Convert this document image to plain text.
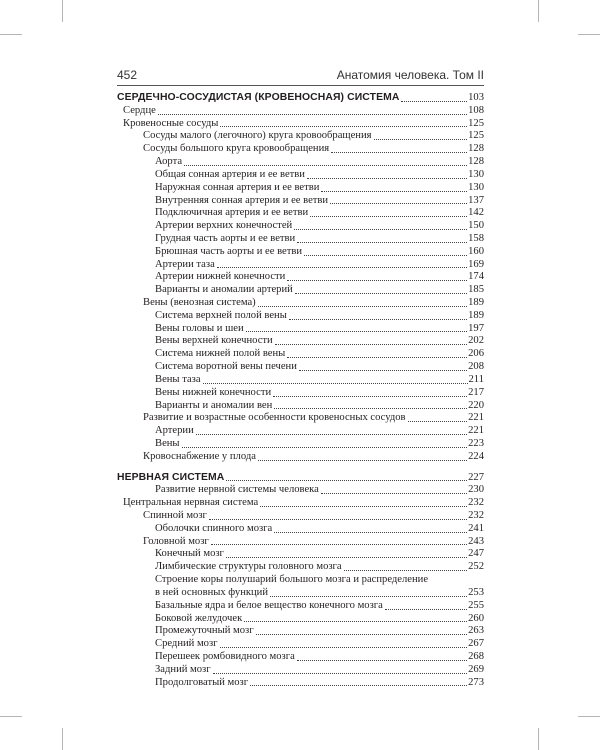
452	Анатомия человека. Том II
СЕРДЕЧНО-СОСУДИСТАЯ (КРОВЕНОСНАЯ) СИСТЕМА	103
Сердце	108
Кровеносные сосуды	125
Сосуды малого (легочного) круга кровообращения	125
Сосуды большого круга кровообращения	128
Аорта	128
Общая сонная артерия и ее ветви	130
Наружная сонная артерия и ее ветви	130
Внутренняя сонная артерия и ее ветви	137
Подключичная артерия и ее ветви	142
Артерии верхних конечностей	150
Грудная часть аорты и ее ветви	158
Брюшная часть аорты и ее ветви	160
Артерии таза	169
Артерии нижней конечности	174
Варианты и аномалии артерий	185
Вены (венозная система)	189
Система верхней полой вены	189
Вены головы и шеи	197
Вены верхней конечности	202
Система нижней полой вены	206
Система воротной вены печени	208
Вены таза	211
Вены нижней конечности	217
Варианты и аномалии вен	220
Развитие и возрастные особенности кровеносных сосудов	221
Артерии	221
Вены	223
Кровоснабжение у плода	224
НЕРВНАЯ СИСТЕМА	227
Развитие нервной системы человека	230
Центральная нервная система	232
Спинной мозг	232
Оболочки спинного мозга	241
Головной мозг	243
Конечный мозг	247
Лимбические структуры головного мозга	252
Строение коры полушарий большого мозга и распределение
в ней основных функций	253
Базальные ядра и белое вещество конечного мозга	255
Боковой желудочек	260
Промежуточный мозг	263
Средний мозг	267
Перешеек ромбовидного мозга	268
Задний мозг	269
Продолговатый мозг	273
